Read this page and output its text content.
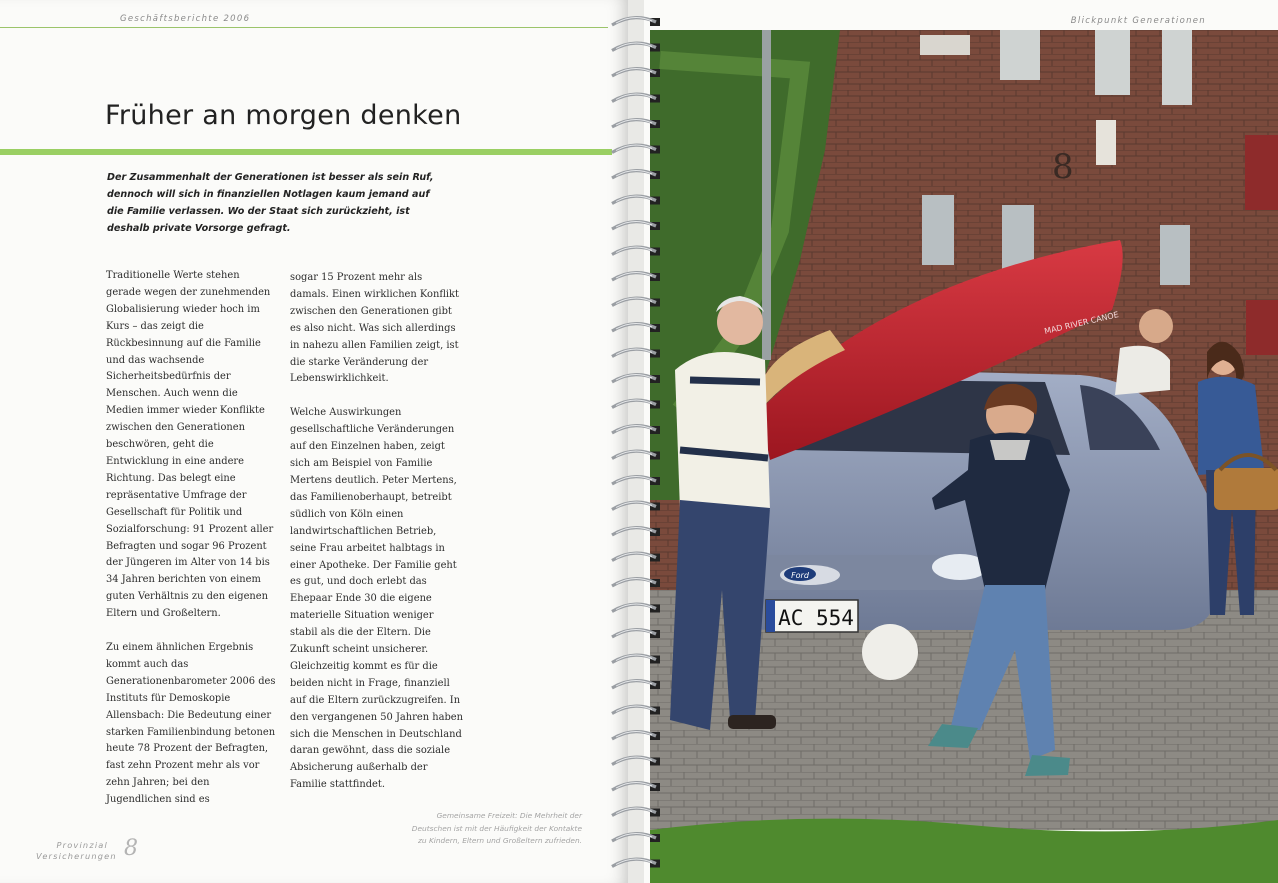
Geschäftsberichte 2006
Früher an morgen denken

Der Zusammenhalt der Generationen ist besser als sein Ruf, dennoch will sich in finanziellen Notlagen kaum jemand auf die Familie verlassen. Wo der Staat sich zurückzieht, ist deshalb private Vorsorge gefragt.

Traditionelle Werte stehen gerade wegen der zunehmenden Globalisierung wieder hoch im Kurs – das zeigt die Rückbesinnung auf die Familie und das wachsende Sicherheitsbedürfnis der Menschen. Auch wenn die Medien immer wieder Konflikte zwischen den Generationen beschwören, geht die Entwicklung in eine andere Richtung. Das belegt eine repräsentative Umfrage der Gesellschaft für Politik und Sozialforschung: 91 Prozent aller Befragten und sogar 96 Prozent der Jüngeren im Alter von 14 bis 34 Jahren berichten von einem guten Verhältnis zu den eigenen Eltern und Großeltern.

Zu einem ähnlichen Ergebnis kommt auch das Generationenbarometer 2006 des Instituts für Demoskopie Allensbach: Die Bedeutung einer starken Familienbindung betonen heute 78 Prozent der Befragten, fast zehn Prozent mehr als vor zehn Jahren; bei den Jugendlichen sind es

sogar 15 Prozent mehr als damals. Einen wirklichen Konflikt zwischen den Generationen gibt es also nicht. Was sich allerdings in nahezu allen Familien zeigt, ist die starke Veränderung der Lebenswirklichkeit.

Welche Auswirkungen gesellschaftliche Veränderungen auf den Einzelnen haben, zeigt sich am Beispiel von Familie Mertens deutlich. Peter Mertens, das Familienoberhaupt, betreibt südlich von Köln einen landwirtschaftlichen Betrieb, seine Frau arbeitet halbtags in einer Apotheke. Der Familie geht es gut, und doch erlebt das Ehepaar Ende 30 die eigene materielle Situation weniger stabil als die der Eltern. Die Zukunft scheint unsicherer. Gleichzeitig kommt es für die beiden nicht in Frage, finanziell auf die Eltern zurückzugreifen. In den vergangenen 50 Jahren haben sich die Menschen in Deutschland daran gewöhnt, dass die soziale Absicherung außerhalb der Familie stattfindet.

Gemeinsame Freizeit: Die Mehrheit der Deutschen ist mit der Häufigkeit der Kontakte zu Kindern, Eltern und Großeltern zufrieden.

Provinzial
Versicherungen 8
Blickpunkt Generationen
8
Ford
AC 554
MAD RIVER CANOE
